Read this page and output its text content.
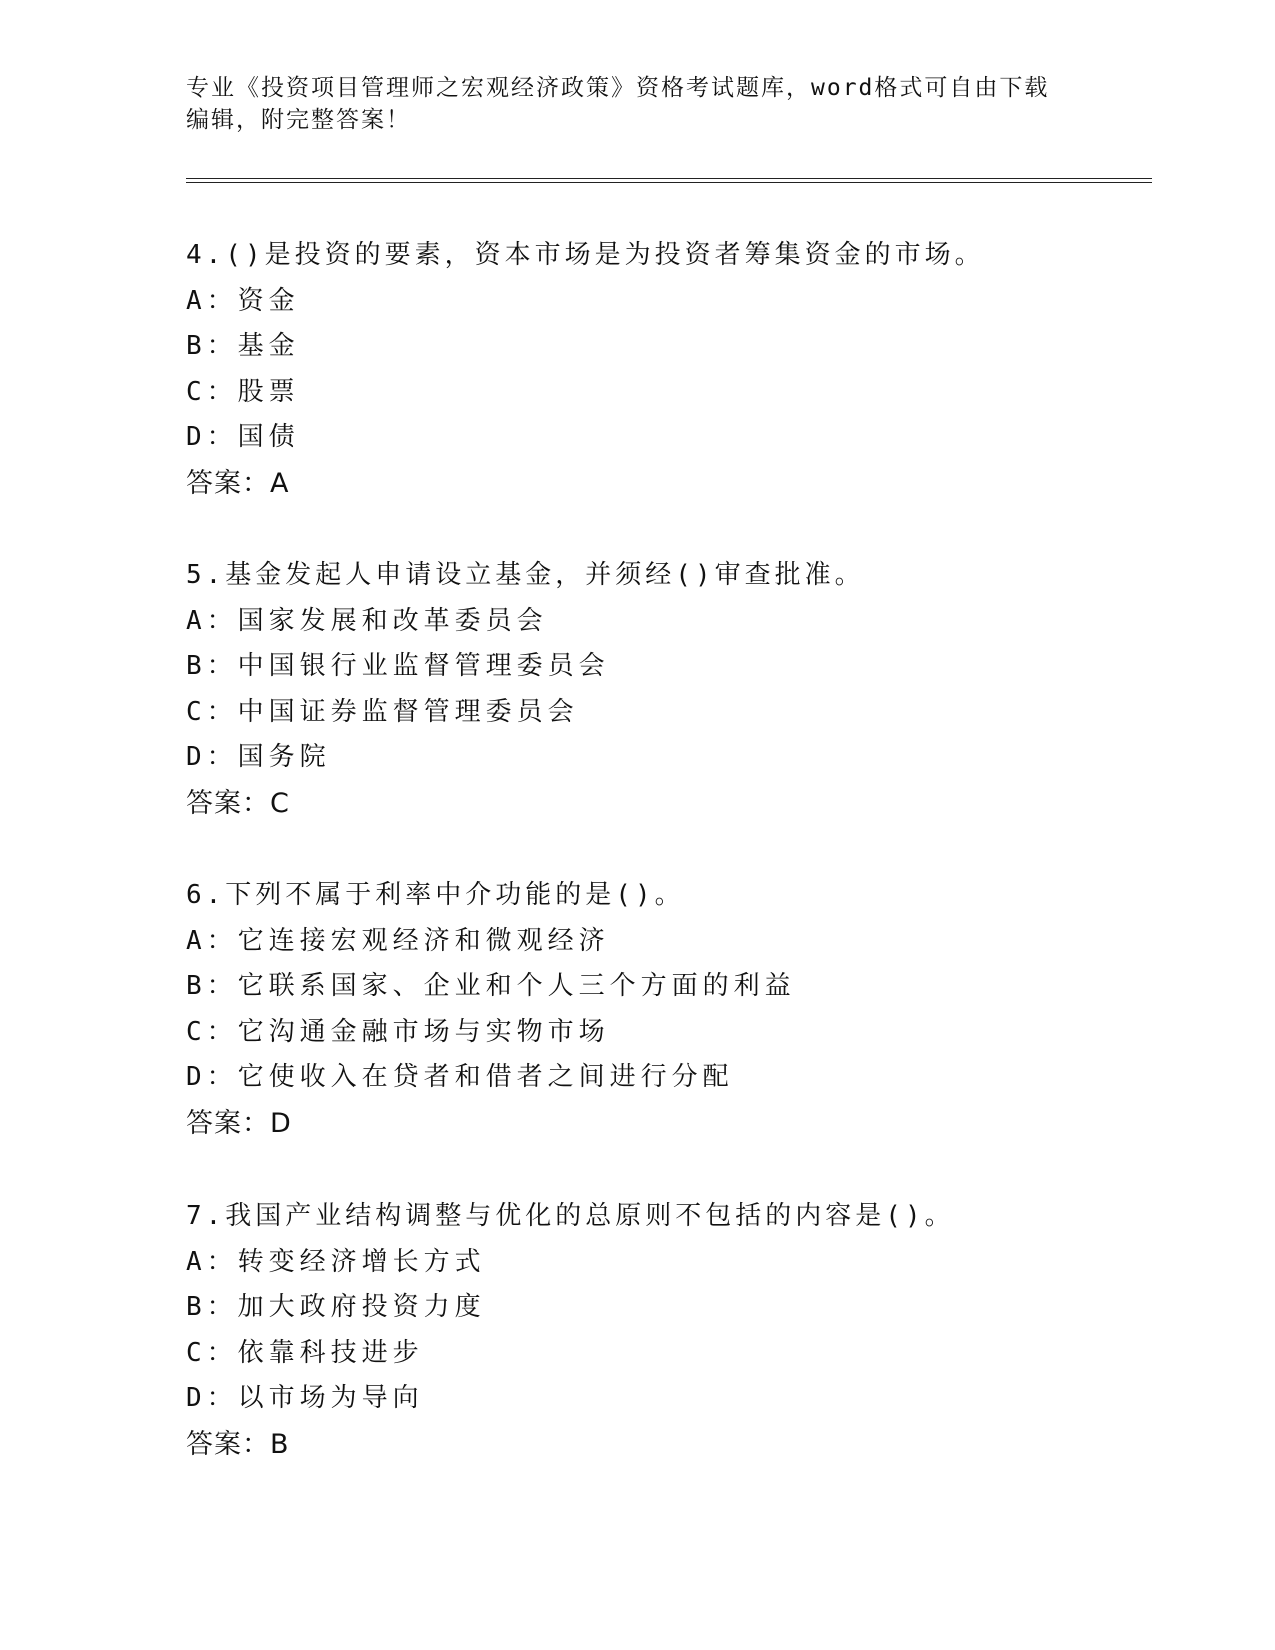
专业《投资项目管理师之宏观经济政策》资格考试题库，word格式可自由下载编辑，附完整答案！
4.()是投资的要素，资本市场是为投资者筹集资金的市场。
A：资金
B：基金
C：股票
D：国债
答案：A
5.基金发起人申请设立基金，并须经()审查批准。
A：国家发展和改革委员会
B：中国银行业监督管理委员会
C：中国证券监督管理委员会
D：国务院
答案：C
6.下列不属于利率中介功能的是()。
A：它连接宏观经济和微观经济
B：它联系国家、企业和个人三个方面的利益
C：它沟通金融市场与实物市场
D：它使收入在贷者和借者之间进行分配
答案：D
7.我国产业结构调整与优化的总原则不包括的内容是()。
A：转变经济增长方式
B：加大政府投资力度
C：依靠科技进步
D：以市场为导向
答案：B
